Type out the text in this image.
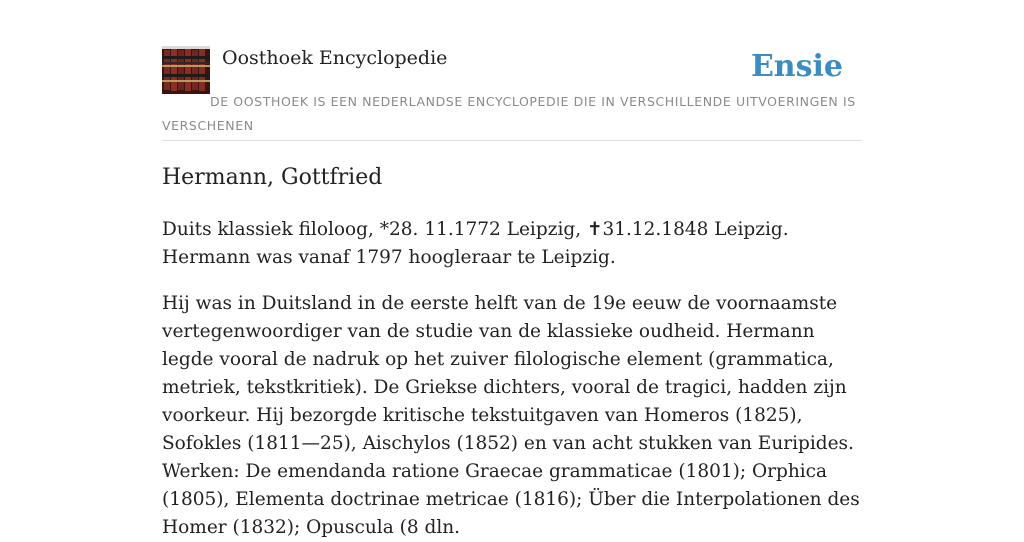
Oosthoek Encyclopedie	Ensie
DE OOSTHOEK IS EEN NEDERLANDSE ENCYCLOPEDIE DIE IN VERSCHILLENDE UITVOERINGEN IS VERSCHENEN
Hermann, Gottfried

Duits klassiek filoloog, *28. 11.1772 Leipzig, ✝31.12.1848 Leipzig. Hermann was vanaf 1797 hoogleraar te Leipzig.

Hij was in Duitsland in de eerste helft van de 19e eeuw de voornaamste vertegenwoordiger van de studie van de klassieke oudheid. Hermann legde vooral de nadruk op het zuiver filologische element (grammatica, metriek, tekstkritiek). De Griekse dichters, vooral de tragici, hadden zijn voorkeur. Hij bezorgde kritische tekstuitgaven van Homeros (1825), Sofokles (1811—25), Aischylos (1852) en van acht stukken van Euripides. Werken: De emendanda ratione Graecae grammaticae (1801); Orphica (1805), Elementa doctrinae metricae (1816); Über die Interpolationen des Homer (1832); Opuscula (8 dln.
